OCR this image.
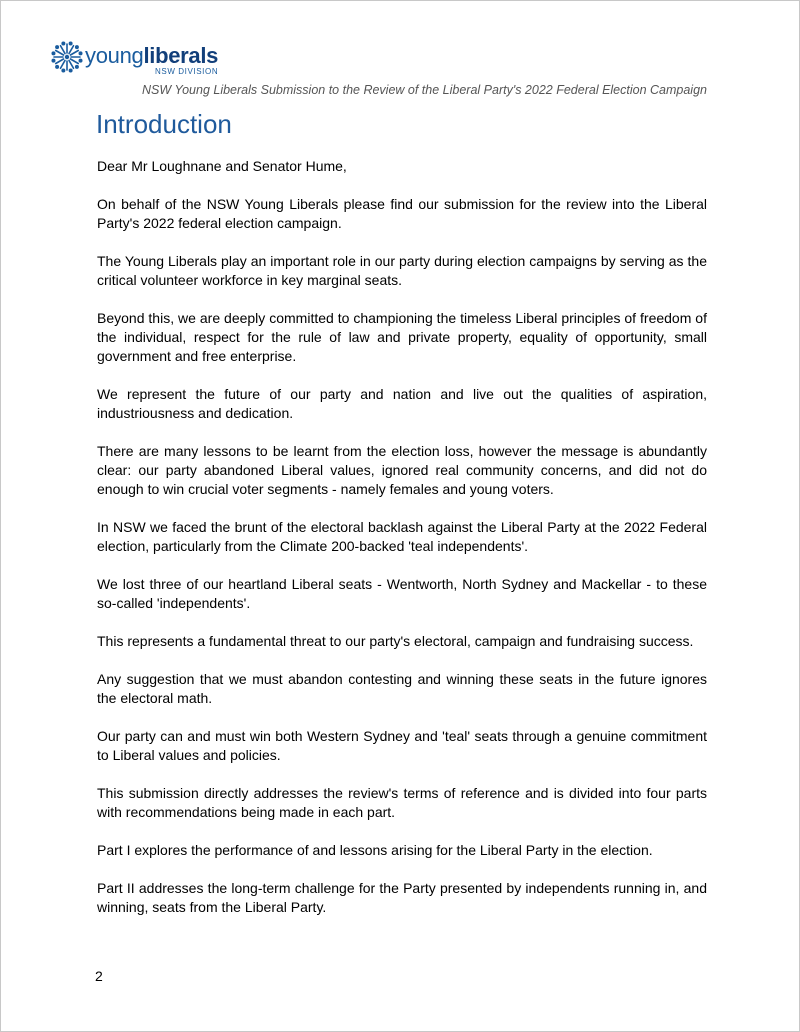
youngliberals
NSW DIVISION
NSW Young Liberals Submission to the Review of the Liberal Party's 2022 Federal Election Campaign
Introduction

Dear Mr Loughnane and Senator Hume,

On behalf of the NSW Young Liberals please find our submission for the review into the Liberal Party's 2022 federal election campaign.

The Young Liberals play an important role in our party during election campaigns by serving as the critical volunteer workforce in key marginal seats.

Beyond this, we are deeply committed to championing the timeless Liberal principles of freedom of the individual, respect for the rule of law and private property, equality of opportunity, small government and free enterprise.

We represent the future of our party and nation and live out the qualities of aspiration, industriousness and dedication.

There are many lessons to be learnt from the election loss, however the message is abundantly clear: our party abandoned Liberal values, ignored real community concerns, and did not do enough to win crucial voter segments - namely females and young voters.

In NSW we faced the brunt of the electoral backlash against the Liberal Party at the 2022 Federal election, particularly from the Climate 200-backed 'teal independents'.

We lost three of our heartland Liberal seats - Wentworth, North Sydney and Mackellar - to these so-called 'independents'.

This represents a fundamental threat to our party's electoral, campaign and fundraising success.

Any suggestion that we must abandon contesting and winning these seats in the future ignores the electoral math.

Our party can and must win both Western Sydney and 'teal' seats through a genuine commitment to Liberal values and policies.

This submission directly addresses the review's terms of reference and is divided into four parts with recommendations being made in each part.

Part I explores the performance of and lessons arising for the Liberal Party in the election.

Part II addresses the long-term challenge for the Party presented by independents running in, and winning, seats from the Liberal Party.

2
